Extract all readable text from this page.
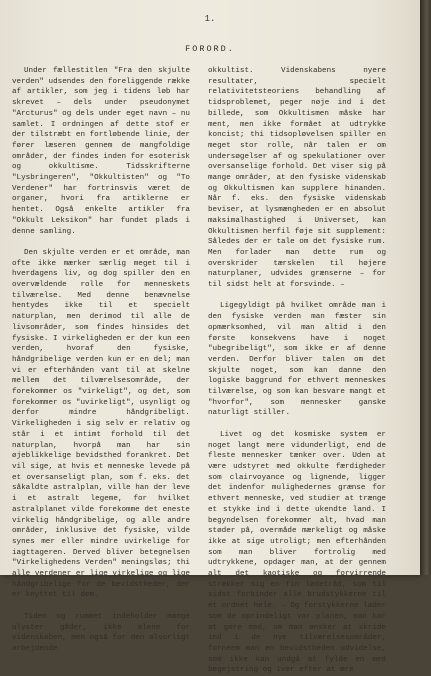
1.
FORORD.

Under fællestitlen "Fra den skjulte verden" udsendes den foreliggende række af artikler, som jeg i tidens løb har skrevet – dels under pseudonymet "Arcturus" og dels under eget navn – nu samlet. I ordningen af dette stof er der tilstræbt en fortløbende linie, der fører læseren gennem de mangfoldige områder, der findes inden for esoterisk og okkultisme. Tidsskrifterne "Lysbringeren", "Okkultisten" og "To Verdener" har fortrinsvis været de organer, hvori fra artiklerne er hentet. Også enkelte artikler fra "Okkult Leksikon" har fundet plads i denne samling.

Den skjulte verden er et område, man ofte ikke mærker særlig meget til i hverdagens liv, og dog spiller den en overvældende rolle for menneskets tilværelse. Med denne benævnelse hentydes ikke til et specielt naturplan, men derimod til alle de livsområder, som findes hinsides det fysiske. I virkeligheden er der kun een verden, hvoraf den fysiske, håndgribelige verden kun er en del; man vi er efterhånden vant til at skelne mellem det tilværelsesområde, der forekommer os "virkeligt", og det, som forekommer os "uvirkeligt", usynligt og derfor mindre håndgribeligt. Virkeligheden i sig selv er relativ og står i et intimt forhold til det naturplan, hvorpå man har sin øjeblikkelige bevidsthed forankret. Det vil sige, at hvis et menneske levede på et oversanseligt plan, som f. eks. det såkaldte astralplan, ville han der leve i et astralt legeme, for hvilket astralplanet vilde forekomme det eneste virkelig håndgribelige, og alle andre områder, inklusive det fysiske, vilde synes mer eller mindre uvirkelige for iagttageren. Derved bliver betegnelsen "Virkelighedens Verden" meningsløs; thi alle verdener er lige virkelige og lige håndgribelige for de bevidstheder, der er knyttet til dem.

Tiden og rummet indeholder mange ulyster gåder, ikke alene for videnskaben, men også for den alvorligt arbejdende

okkultist. Videnskabens nyere resultater, specielt relativitetsteoriens behandling af tidsproblemet, peger nøje ind i det billede, som Okkultismen måske har ment, men ikke formået at udtrykke koncist; thi tidsopløvelsen spiller en meget stor rolle, når talen er om undersøgelser af og spekulationer over oversanselige forhold. Det viser sig på mange områder, at den fysiske videnskab og Okkultismen kan supplere hinanden. Når f. eks. den fysiske videnskab beviser, at lysmængheden er en absolut maksimalhastighed i Universet, kan Okkultismen herfil føje sit supplement: Således der er tale om det fysiske rum. Men forlader man dette rum og overskrider tærskelen til højere naturplaner, udvides grænserne – for til sidst helt at forsvinde. –

Ligegyldigt på hvilket område man i den fysiske verden man fæster sin opmærksomhed, vil man altid i den første konsekvens have i noget "ubegribeligt", som ikke er af denne verden. Derfor bliver talen om det skjulte noget, som kan danne den logiske baggrund for ethvert menneskes tilværelse, og som kan besvare mangt et "hvorfor", som mennesker ganske naturligt stiller.

Livet og det kosmiske system er noget langt mere vidunderligt, end de fleste mennesker tænker over. Uden at være udstyret med okkulte færdigheder som clairvoyance og lignende, ligger det indenfor mulighedernes grænse for ethvert menneske, ved studier at trænge et stykke ind i dette ukendte land. I begyndelsen forekommer alt, hvad man støder på, overmåde mærkeligt og måske ikke at sige utroligt; men efterhånden som man bliver fortrolig med udtrykkene, opdager man, at der gennem alt det kaotiske og forvirrende strækker sig en fin lødetråd, som til sidst forbinder alle brudstykkerne til et ordnet hele. – Og forstykkerne lader som de oprindeligt var planen, man har at gøre med, om man ønsker at skride ind i de nye tilværelsesområder, forneem man en bevidstheden udvidelse, som ikke kan undgå at fylde en med begejstring og iver efter at ære
